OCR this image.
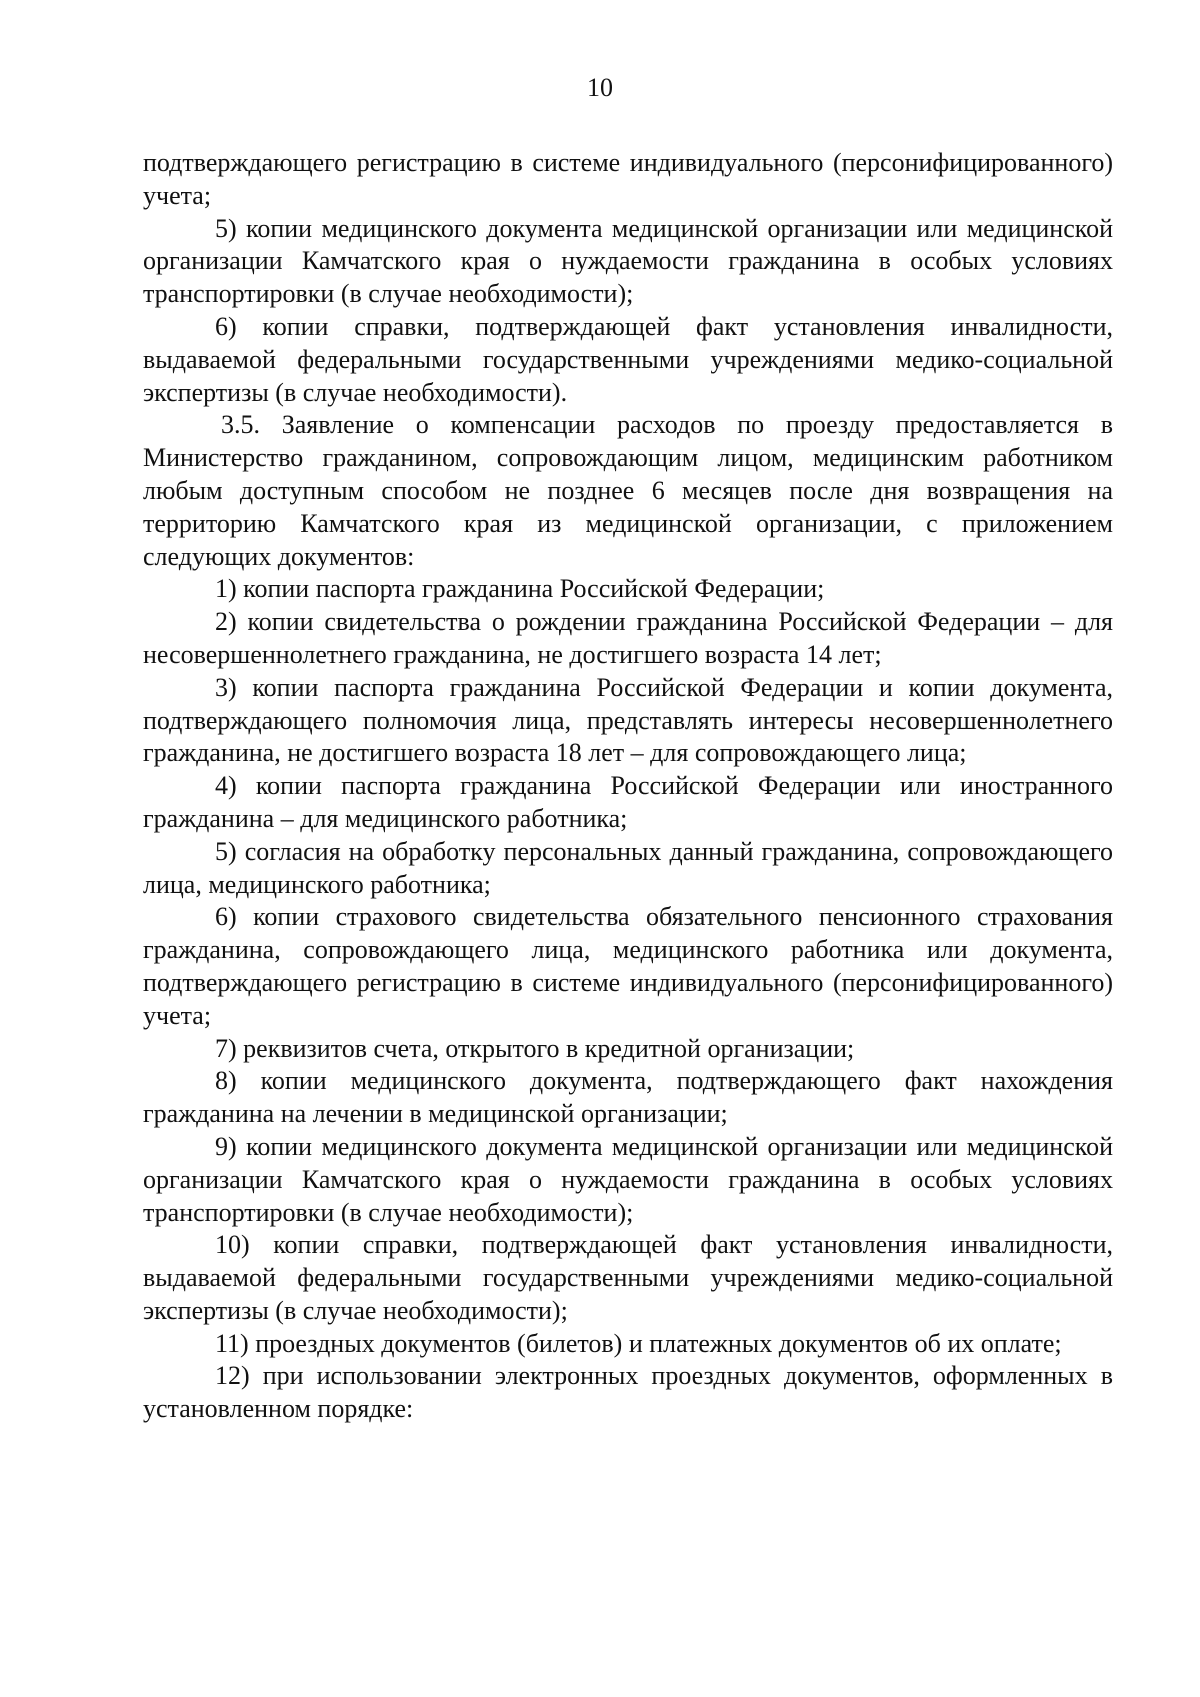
10

подтверждающего регистрацию в системе индивидуального (персонифицированного) учета;

5) копии медицинского документа медицинской организации или медицинской организации Камчатского края о нуждаемости гражданина в особых условиях транспортировки (в случае необходимости);

6) копии справки, подтверждающей факт установления инвалидности, выдаваемой федеральными государственными учреждениями медико-социальной экспертизы (в случае необходимости).

3.5. Заявление о компенсации расходов по проезду предоставляется в Министерство гражданином, сопровождающим лицом, медицинским работником любым доступным способом не позднее 6 месяцев после дня возвращения на территорию Камчатского края из медицинской организации, с приложением следующих документов:

1) копии паспорта гражданина Российской Федерации;

2) копии свидетельства о рождении гражданина Российской Федерации – для несовершеннолетнего гражданина, не достигшего возраста 14 лет;

3) копии паспорта гражданина Российской Федерации и копии документа, подтверждающего полномочия лица, представлять интересы несовершеннолетнего гражданина, не достигшего возраста 18 лет – для сопровождающего лица;

4) копии паспорта гражданина Российской Федерации или иностранного гражданина – для медицинского работника;

5) согласия на обработку персональных данный гражданина, сопровождающего лица, медицинского работника;

6) копии страхового свидетельства обязательного пенсионного страхования гражданина, сопровождающего лица, медицинского работника или документа, подтверждающего регистрацию в системе индивидуального (персонифицированного) учета;

7) реквизитов счета, открытого в кредитной организации;

8) копии медицинского документа, подтверждающего факт нахождения гражданина на лечении в медицинской организации;

9) копии медицинского документа медицинской организации или медицинской организации Камчатского края о нуждаемости гражданина в особых условиях транспортировки (в случае необходимости);

10) копии справки, подтверждающей факт установления инвалидности, выдаваемой федеральными государственными учреждениями медико-социальной экспертизы (в случае необходимости);

11) проездных документов (билетов) и платежных документов об их оплате;

12) при использовании электронных проездных документов, оформленных в установленном порядке:
